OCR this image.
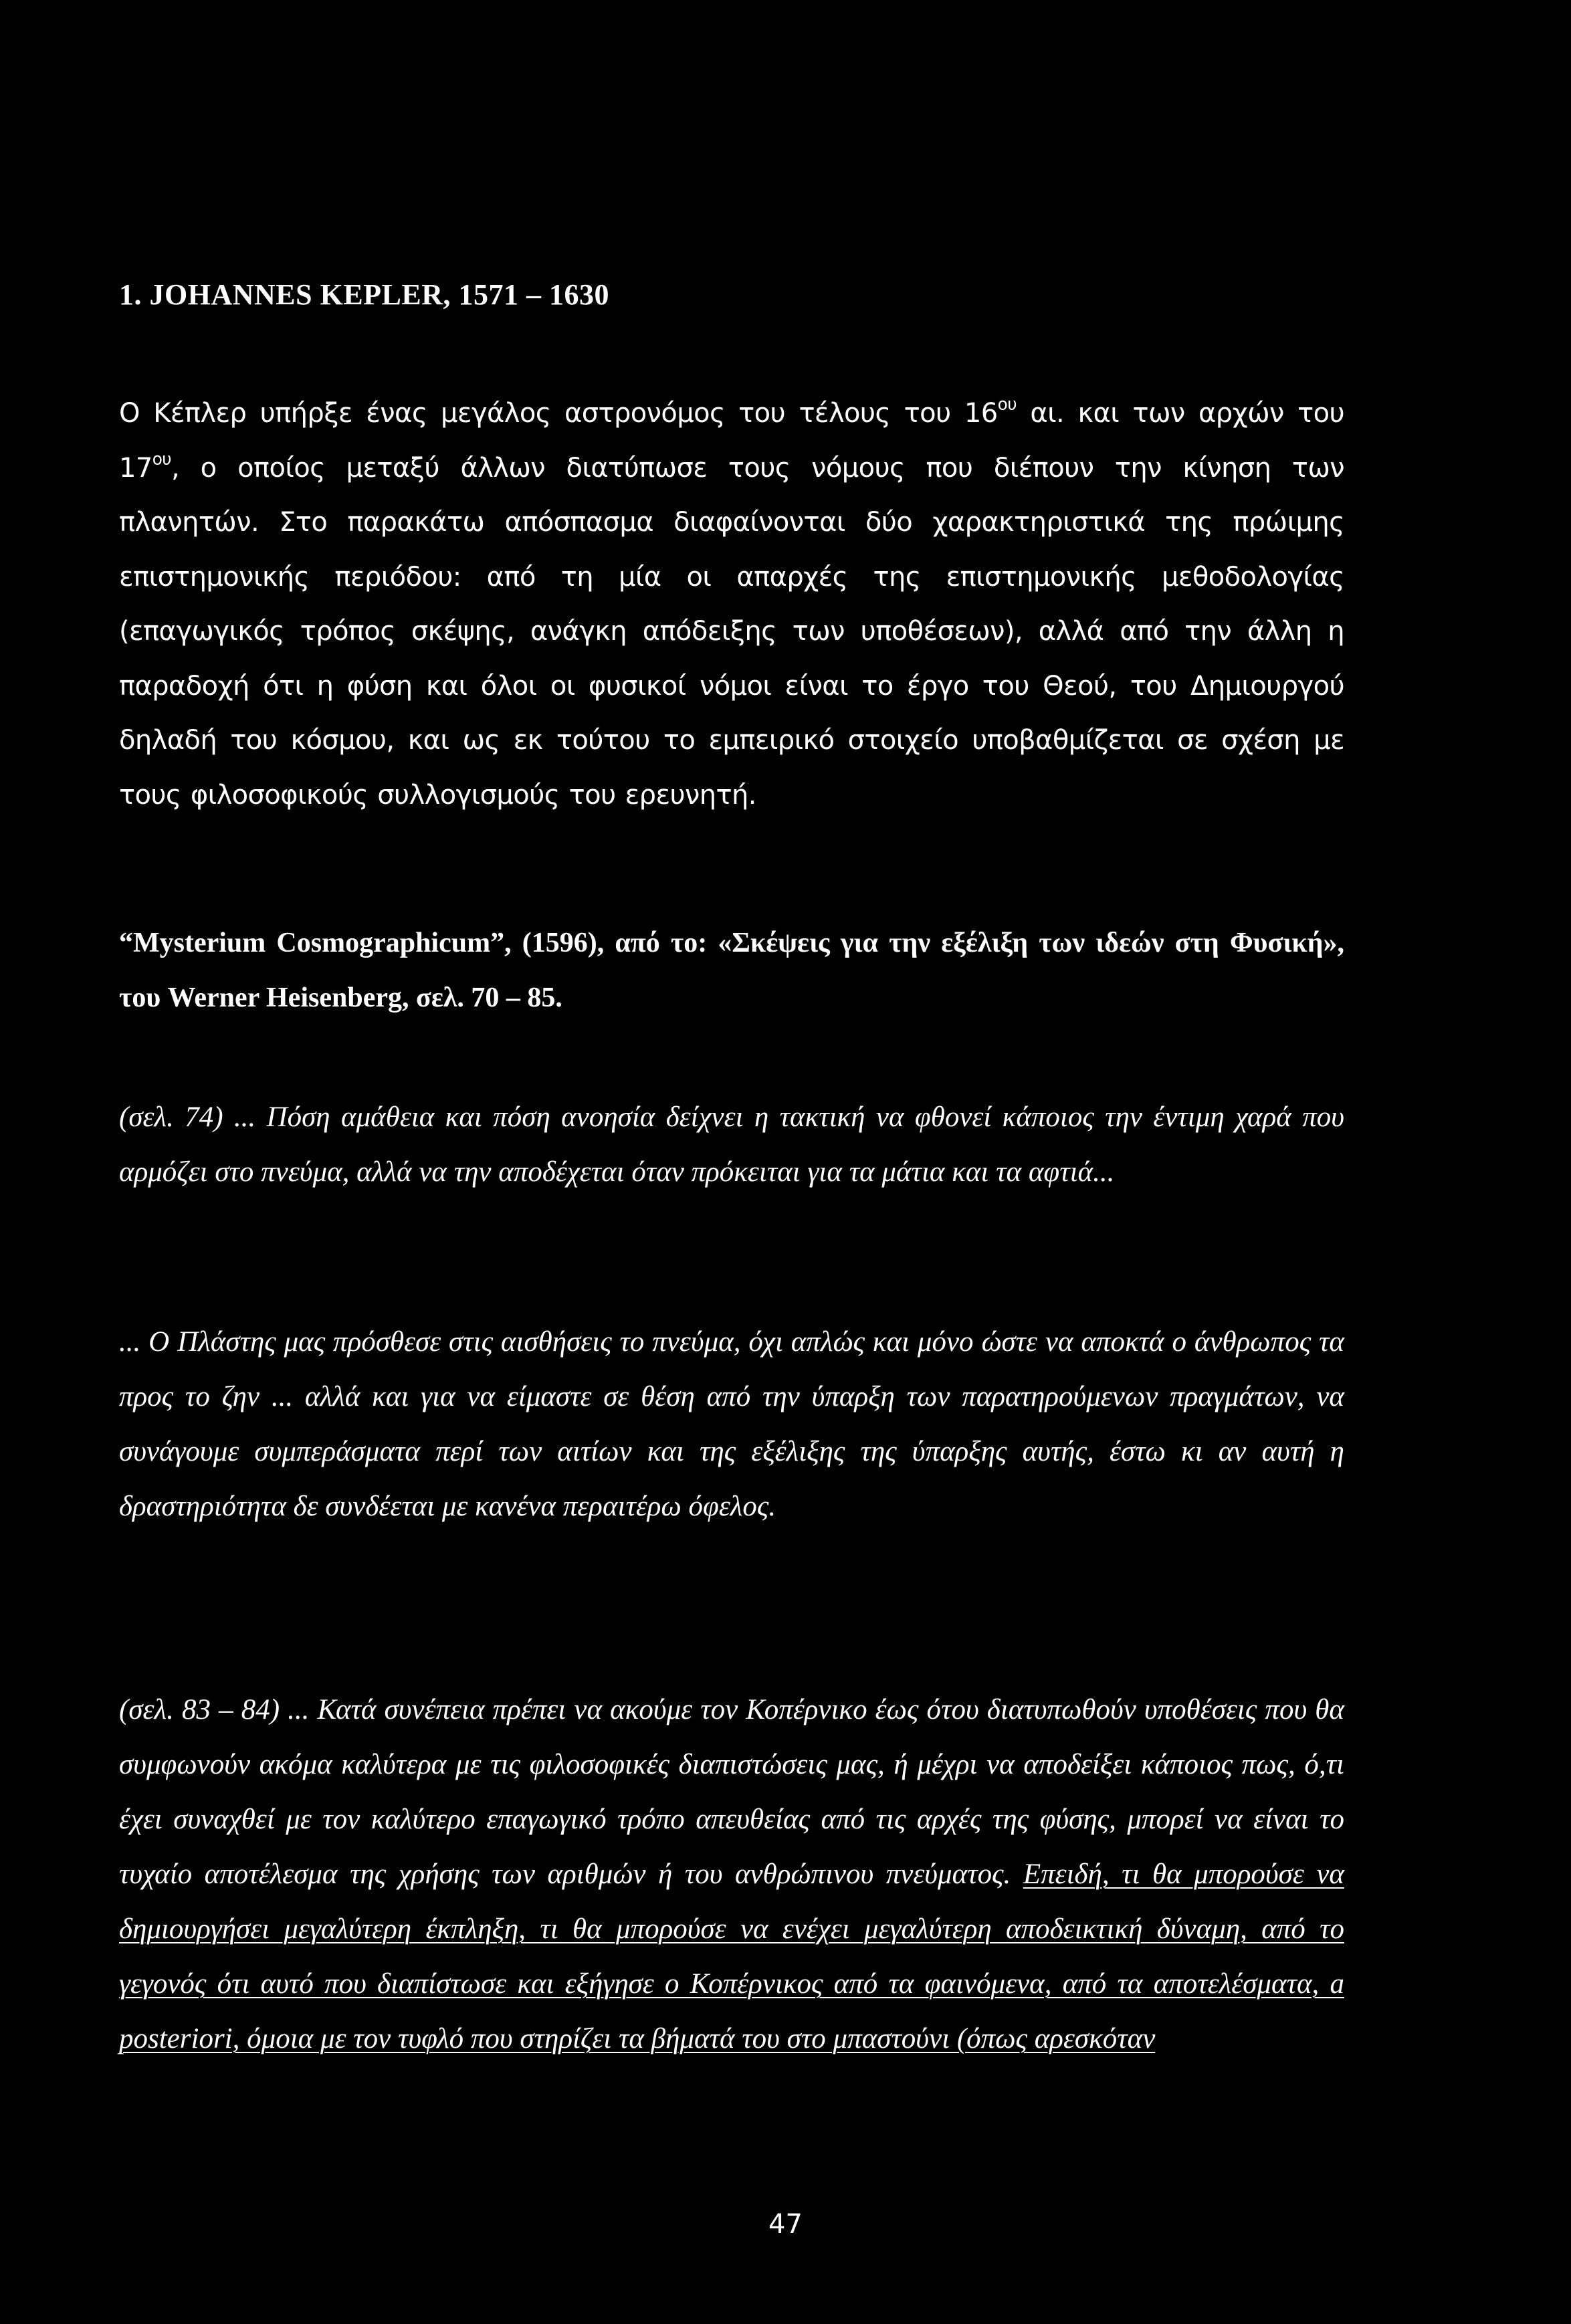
1. JOHANNES KEPLER, 1571 – 1630
Ο Κέπλερ υπήρξε ένας μεγάλος αστρονόμος του τέλους του $16^{o\upsilon}$ αι. και των αρχών του $17^{o\upsilon}$, ο οποίος μεταξύ άλλων διατύπωσε τους νόμους που διέπουν την κίνηση των πλανητών. Στο παρακάτω απόσπασμα διαφαίνονται δύο χαρακτηριστικά της πρώιμης επιστημονικής περιόδου: από τη μία οι απαρχές της επιστημονικής μεθοδολογίας (επαγωγικός τρόπος σκέψης, ανάγκη απόδειξης των υποθέσεων), αλλά από την άλλη η παραδοχή ότι η φύση και όλοι οι φυσικοί νόμοι είναι το έργο του Θεού, του Δημιουργού δηλαδή του κόσμου, και ως εκ τούτου το εμπειρικό στοιχείο υποβαθμίζεται σε σχέση με τους φιλοσοφικούς συλλογισμούς του ερευνητή.
“Mysterium Cosmographicum”, (1596), από το: «Σκέψεις για την εξέλιξη των ιδεών στη Φυσική», του Werner Heisenberg, σελ. 70 – 85.
(σελ. 74) ... Πόση αμάθεια και πόση ανοησία δείχνει η τακτική να φθονεί κάποιος την έντιμη χαρά που αρμόζει στο πνεύμα, αλλά να την αποδέχεται όταν πρόκειται για τα μάτια και τα αφτιά...
... Ο Πλάστης μας πρόσθεσε στις αισθήσεις το πνεύμα, όχι απλώς και μόνο ώστε να αποκτά ο άνθρωπος τα προς το ζην ... αλλά και για να είμαστε σε θέση από την ύπαρξη των παρατηρούμενων πραγμάτων, να συνάγουμε συμπεράσματα περί των αιτίων και της εξέλιξης της ύπαρξης αυτής, έστω κι αν αυτή η δραστηριότητα δε συνδέεται με κανένα περαιτέρω όφελος.
(σελ. 83 – 84) ... Κατά συνέπεια πρέπει να ακούμε τον Κοπέρνικο έως ότου διατυπωθούν υποθέσεις που θα συμφωνούν ακόμα καλύτερα με τις φιλοσοφικές διαπιστώσεις μας, ή μέχρι να αποδείξει κάποιος πως, ό,τι έχει συναχθεί με τον καλύτερο επαγωγικό τρόπο απευθείας από τις αρχές της φύσης, μπορεί να είναι το τυχαίο αποτέλεσμα της χρήσης των αριθμών ή του ανθρώπινου πνεύματος. Επειδή, τι θα μπορούσε να δημιουργήσει μεγαλύτερη έκπληξη, τι θα μπορούσε να ενέχει μεγαλύτερη αποδεικτική δύναμη, από το γεγονός ότι αυτό που διαπίστωσε και εξήγησε ο Κοπέρνικος από τα φαινόμενα, από τα αποτελέσματα, a posteriori, όμοια με τον τυφλό που στηρίζει τα βήματά του στο μπαστούνι (όπως αρεσκόταν
47
